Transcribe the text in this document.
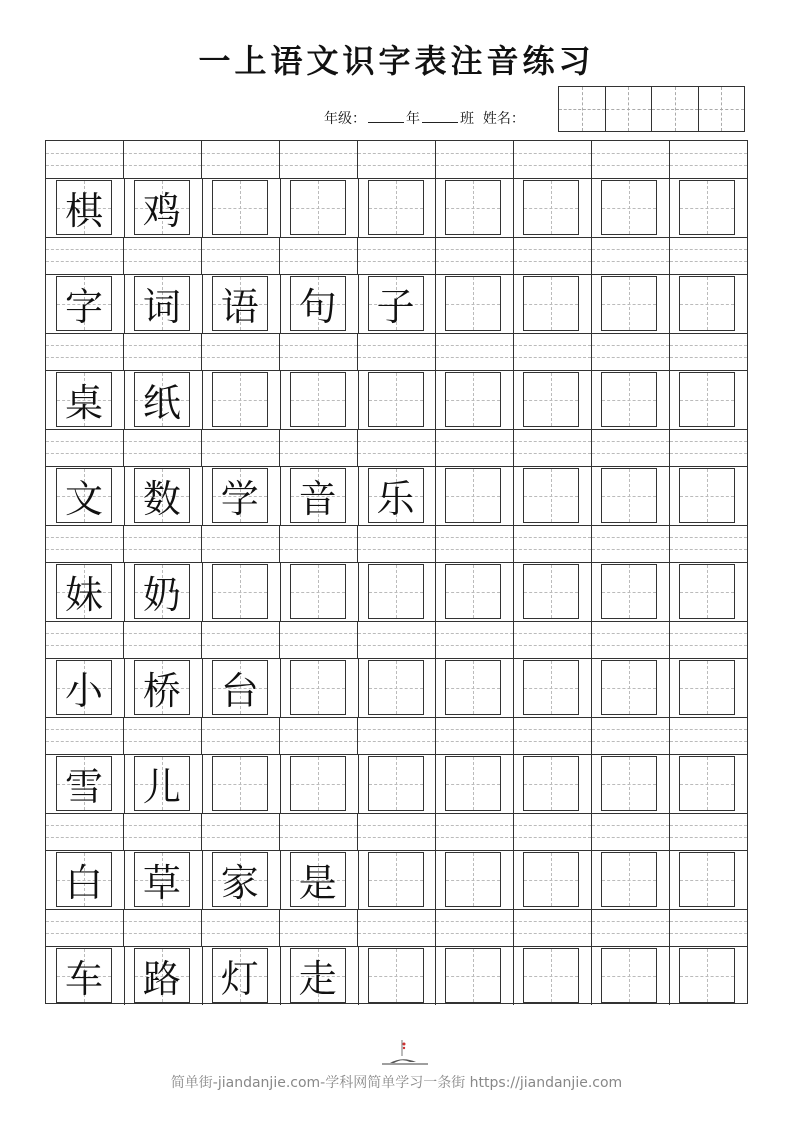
一上语文识字表注音练习
年级：	年	班 姓名：
棋 鸡
字 词 语 句 子
桌 纸
文 数 学 音 乐
妹 奶
小 桥 台
雪 儿
白 草 家 是
车 路 灯 走
简单街-jiandanjie.com-学科网简单学习一条街 https://jiandanjie.com
